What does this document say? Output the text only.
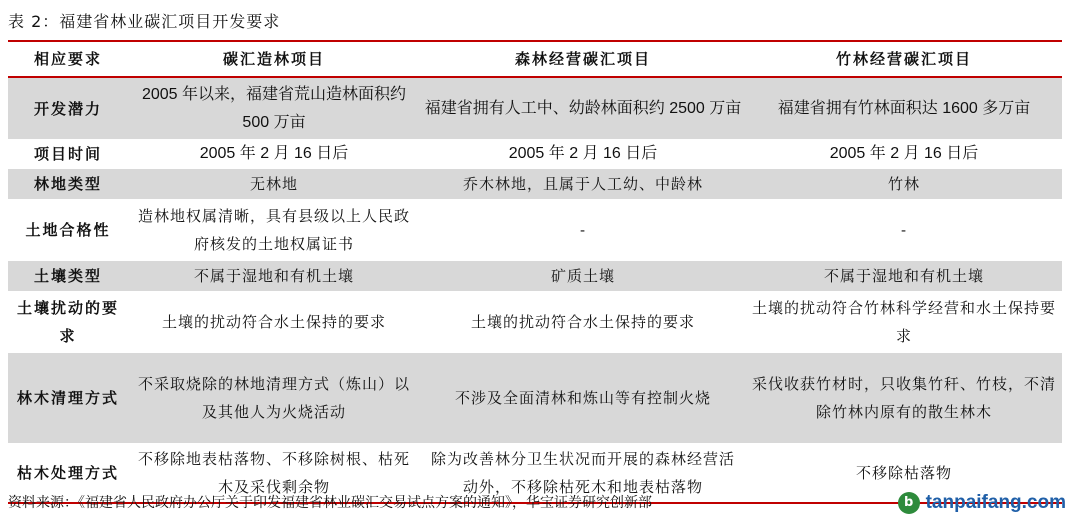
表 2：福建省林业碳汇项目开发要求
相应要求	碳汇造林项目	森林经营碳汇项目	竹林经营碳汇项目
开发潜力	2005 年以来，福建省荒山造林面积约 500 万亩	福建省拥有人工中、幼龄林面积约 2500 万亩	福建省拥有竹林面积达 1600 多万亩
项目时间	2005 年 2 月 16 日后	2005 年 2 月 16 日后	2005 年 2 月 16 日后
林地类型	无林地	乔木林地，且属于人工幼、中龄林	竹林
土地合格性	造林地权属清晰，具有县级以上人民政府核发的土地权属证书	-	-
土壤类型	不属于湿地和有机土壤	矿质土壤	不属于湿地和有机土壤
土壤扰动的要求	土壤的扰动符合水土保持的要求	土壤的扰动符合水土保持的要求	土壤的扰动符合竹林科学经营和水土保持要求
林木清理方式	不采取烧除的林地清理方式（炼山）以及其他人为火烧活动	不涉及全面清林和炼山等有控制火烧	采伐收获竹材时，只收集竹秆、竹枝，不清除竹林内原有的散生林木
枯木处理方式	不移除地表枯落物、不移除树根、枯死木及采伐剩余物	除为改善林分卫生状况而开展的森林经营活动外，不移除枯死木和地表枯落物	不移除枯落物
资料来源：《福建省人民政府办公厅关于印发福建省林业碳汇交易试点方案的通知》，华宝证券研究创新部	b tanpaifang.com
